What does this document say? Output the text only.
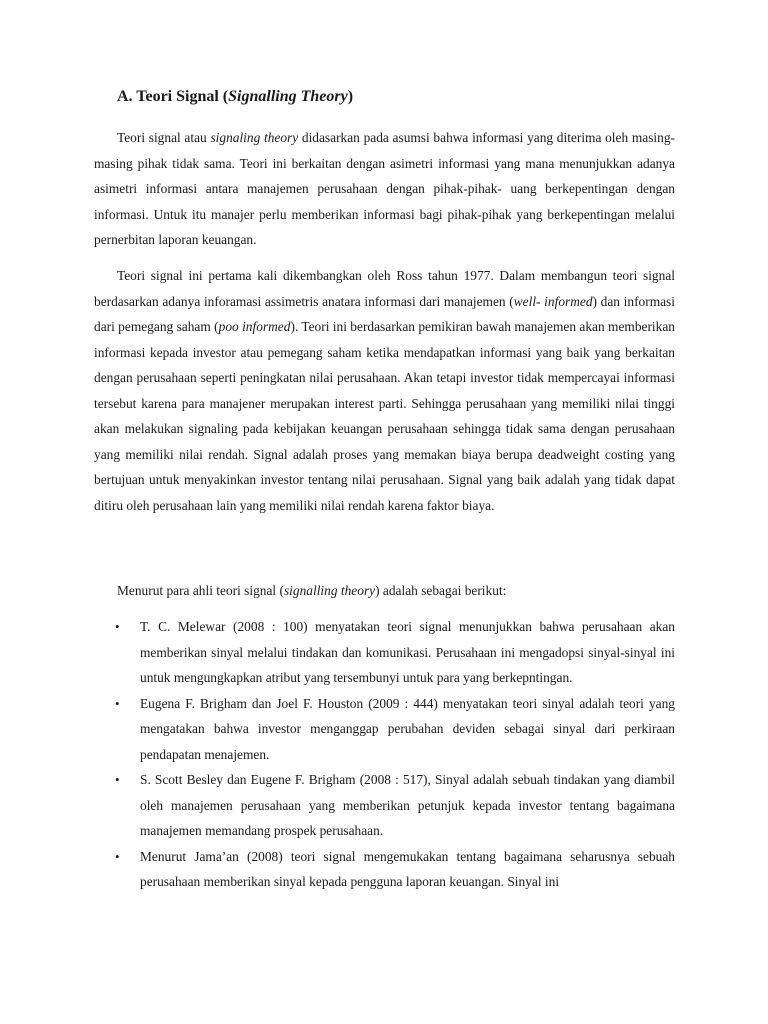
A. Teori Signal (Signalling Theory)

Teori signal atau signaling theory didasarkan pada asumsi bahwa informasi yang diterima oleh masing-masing pihak tidak sama. Teori ini berkaitan dengan asimetri informasi yang mana menunjukkan adanya asimetri informasi antara manajemen perusahaan dengan pihak-pihak- uang berkepentingan dengan informasi. Untuk itu manajer perlu memberikan informasi bagi pihak-pihak yang berkepentingan melalui pernerbitan laporan keuangan.

Teori signal ini pertama kali dikembangkan oleh Ross tahun 1977. Dalam membangun teori signal berdasarkan adanya inforamasi assimetris anatara informasi dari manajemen (well- informed) dan informasi dari pemegang saham (poo informed). Teori ini berdasarkan pemikiran bawah manajemen akan memberikan informasi kepada investor atau pemegang saham ketika mendapatkan informasi yang baik yang berkaitan dengan perusahaan seperti peningkatan nilai perusahaan. Akan tetapi investor tidak mempercayai informasi tersebut karena para manajener merupakan interest parti. Sehingga perusahaan yang memiliki nilai tinggi akan melakukan signaling pada kebijakan keuangan perusahaan sehingga tidak sama dengan perusahaan yang memiliki nilai rendah. Signal adalah proses yang memakan biaya berupa deadweight costing yang bertujuan untuk menyakinkan investor tentang nilai perusahaan. Signal yang baik adalah yang tidak dapat ditiru oleh perusahaan lain yang memiliki nilai rendah karena faktor biaya.

Menurut para ahli teori signal (signalling theory) adalah sebagai berikut:

• T. C. Melewar (2008 : 100) menyatakan teori signal menunjukkan bahwa perusahaan akan memberikan sinyal melalui tindakan dan komunikasi. Perusahaan ini mengadopsi sinyal-sinyal ini untuk mengungkapkan atribut yang tersembunyi untuk para yang berkepntingan.
• Eugena F. Brigham dan Joel F. Houston (2009 : 444) menyatakan teori sinyal adalah teori yang mengatakan bahwa investor menganggap perubahan deviden sebagai sinyal dari perkiraan pendapatan menajemen.
• S. Scott Besley dan Eugene F. Brigham (2008 : 517), Sinyal adalah sebuah tindakan yang diambil oleh manajemen perusahaan yang memberikan petunjuk kepada investor tentang bagaimana manajemen memandang prospek perusahaan.
• Menurut Jama’an (2008) teori signal mengemukakan tentang bagaimana seharusnya sebuah perusahaan memberikan sinyal kepada pengguna laporan keuangan. Sinyal ini
